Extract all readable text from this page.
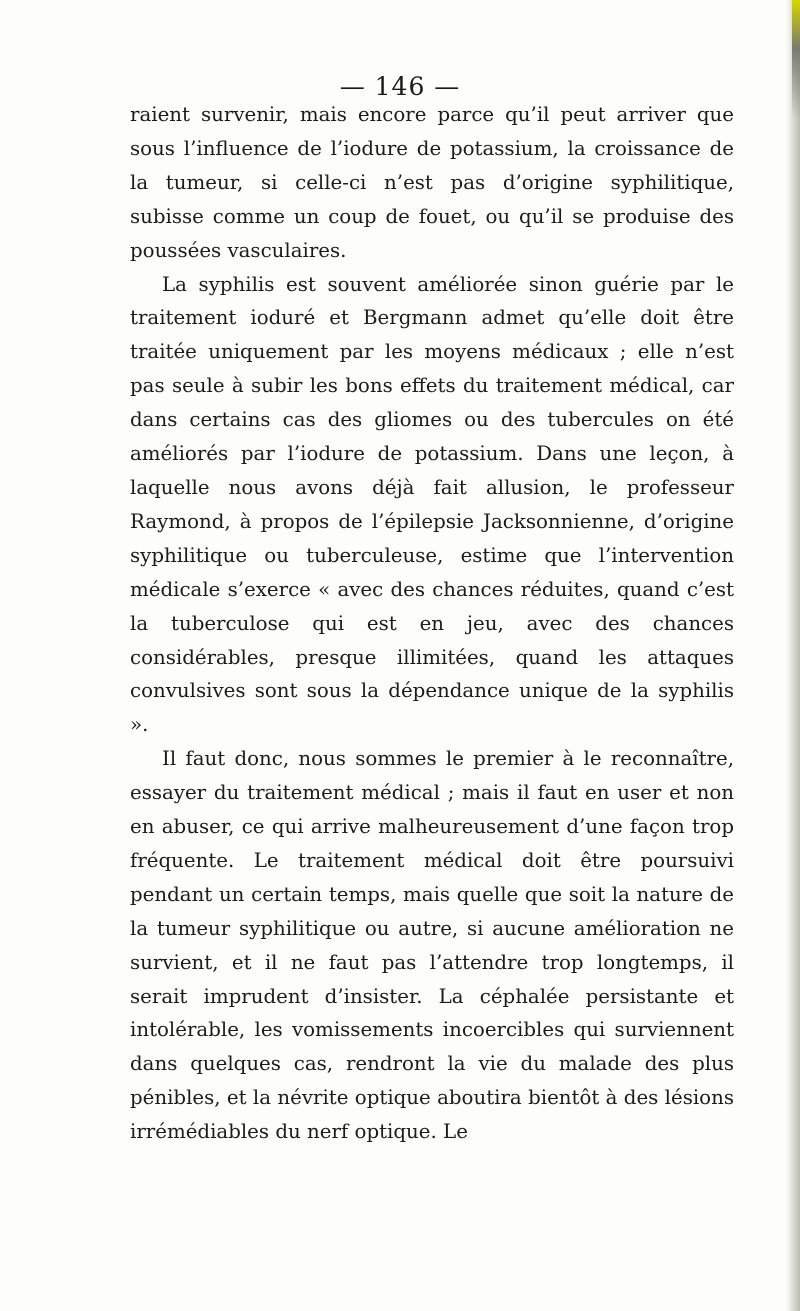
— 146 —

raient survenir, mais encore parce qu’il peut arriver que sous l’influence de l’iodure de potassium, la croissance de la tumeur, si celle-ci n’est pas d’origine syphilitique, subisse comme un coup de fouet, ou qu’il se produise des poussées vasculaires.

La syphilis est souvent améliorée sinon guérie par le traitement ioduré et Bergmann admet qu’elle doit être traitée uniquement par les moyens médicaux ; elle n’est pas seule à subir les bons effets du traitement médical, car dans certains cas des gliomes ou des tubercules on été améliorés par l’iodure de potassium. Dans une leçon, à laquelle nous avons déjà fait allusion, le professeur Raymond, à propos de l’épilepsie Jacksonnienne, d’origine syphilitique ou tuberculeuse, estime que l’intervention médicale s’exerce « avec des chances réduites, quand c’est la tuberculose qui est en jeu, avec des chances considérables, presque illimitées, quand les attaques convulsives sont sous la dépendance unique de la syphilis ».

Il faut donc, nous sommes le premier à le reconnaître, essayer du traitement médical ; mais il faut en user et non en abuser, ce qui arrive malheureusement d’une façon trop fréquente. Le traitement médical doit être poursuivi pendant un certain temps, mais quelle que soit la nature de la tumeur syphilitique ou autre, si aucune amélioration ne survient, et il ne faut pas l’attendre trop longtemps, il serait imprudent d’insister. La céphalée persistante et intolérable, les vomissements incoercibles qui surviennent dans quelques cas, rendront la vie du malade des plus pénibles, et la névrite optique aboutira bientôt à des lésions irrémédiables du nerf optique. Le
